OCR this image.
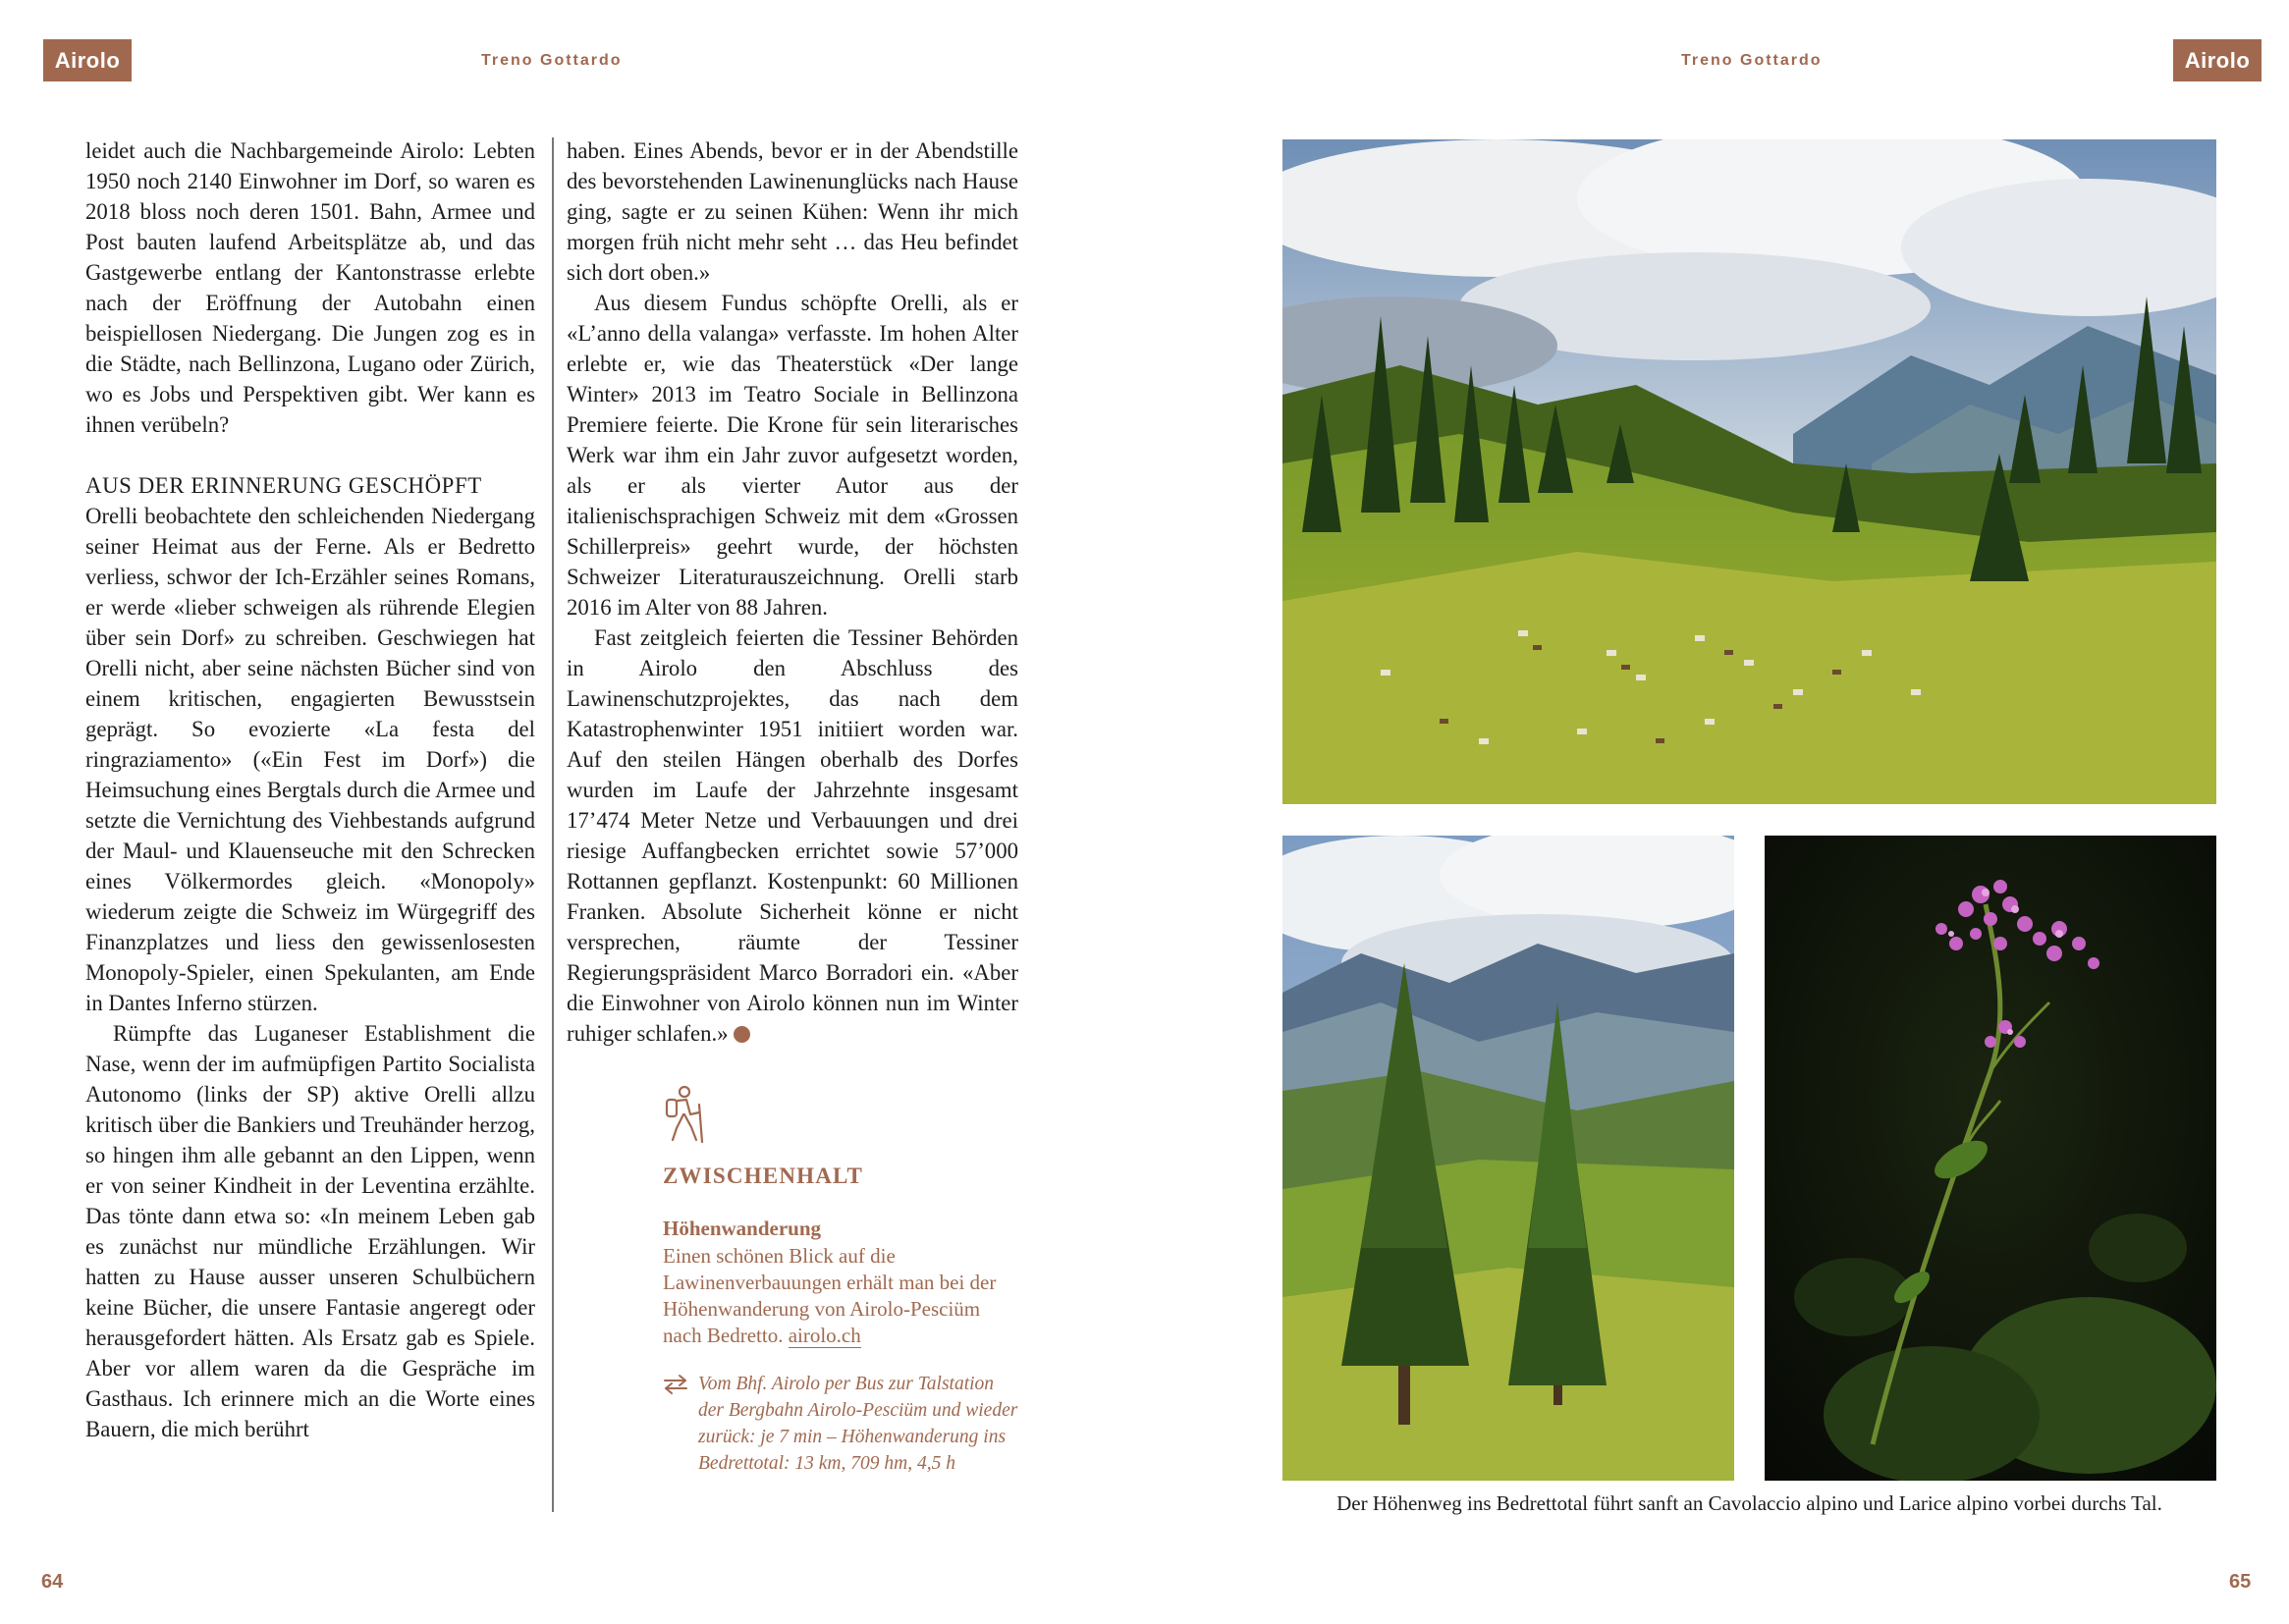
Airolo	Treno Gottardo	Treno Gottardo	Airolo

leidet auch die Nachbargemeinde Airolo: Lebten 1950 noch 2140 Einwohner im Dorf, so waren es 2018 bloss noch deren 1501. Bahn, Armee und Post bauten laufend Arbeitsplätze ab, und das Gastgewerbe entlang der Kantonstrasse erlebte nach der Eröffnung der Autobahn einen beispiellosen Niedergang. Die Jungen zog es in die Städte, nach Bellinzona, Lugano oder Zürich, wo es Jobs und Perspektiven gibt. Wer kann es ihnen verübeln?

AUS DER ERINNERUNG GESCHÖPFT

Orelli beobachtete den schleichenden Niedergang seiner Heimat aus der Ferne. Als er Bedretto verliess, schwor der Ich-Erzähler seines Romans, er werde «lieber schweigen als rührende Elegien über sein Dorf» zu schreiben. Geschwiegen hat Orelli nicht, aber seine nächsten Bücher sind von einem kritischen, engagierten Bewusstsein geprägt. So evozierte «La festa del ringraziamento» («Ein Fest im Dorf») die Heimsuchung eines Bergtals durch die Armee und setzte die Vernichtung des Viehbestands aufgrund der Maul- und Klauenseuche mit den Schrecken eines Völkermordes gleich. «Monopoly» wiederum zeigte die Schweiz im Würgegriff des Finanzplatzes und liess den gewissenlosesten Monopoly-Spieler, einen Spekulanten, am Ende in Dantes Inferno stürzen.

Rümpfte das Luganeser Establishment die Nase, wenn der im aufmüpfigen Partito Socialista Autonomo (links der SP) aktive Orelli allzu kritisch über die Bankiers und Treuhänder herzog, so hingen ihm alle gebannt an den Lippen, wenn er von seiner Kindheit in der Leventina erzählte. Das tönte dann etwa so: «In meinem Leben gab es zunächst nur mündliche Erzählungen. Wir hatten zu Hause ausser unseren Schulbüchern keine Bücher, die unsere Fantasie angeregt oder herausgefordert hätten. Als Ersatz gab es Spiele. Aber vor allem waren da die Gespräche im Gasthaus. Ich erinnere mich an die Worte eines Bauern, die mich berührt

haben. Eines Abends, bevor er in der Abendstille des bevorstehenden Lawinenunglücks nach Hause ging, sagte er zu seinen Kühen: Wenn ihr mich morgen früh nicht mehr seht … das Heu befindet sich dort oben.»

Aus diesem Fundus schöpfte Orelli, als er «L’anno della valanga» verfasste. Im hohen Alter erlebte er, wie das Theaterstück «Der lange Winter» 2013 im Teatro Sociale in Bellinzona Premiere feierte. Die Krone für sein literarisches Werk war ihm ein Jahr zuvor aufgesetzt worden, als er als vierter Autor aus der italienischsprachigen Schweiz mit dem «Grossen Schillerpreis» geehrt wurde, der höchsten Schweizer Literaturauszeichnung. Orelli starb 2016 im Alter von 88 Jahren.

Fast zeitgleich feierten die Tessiner Behörden in Airolo den Abschluss des Lawinenschutzprojektes, das nach dem Katastrophenwinter 1951 initiiert worden war. Auf den steilen Hängen oberhalb des Dorfes wurden im Laufe der Jahrzehnte insgesamt 17’474 Meter Netze und Verbauungen und drei riesige Auffangbecken errichtet sowie 57’000 Rottannen gepflanzt. Kostenpunkt: 60 Millionen Franken. Absolute Sicherheit könne er nicht versprechen, räumte der Tessiner Regierungspräsident Marco Borradori ein. «Aber die Einwohner von Airolo können nun im Winter ruhiger schlafen.»

ZWISCHENHALT
Höhenwanderung
Einen schönen Blick auf die Lawinenverbauungen erhält man bei der Höhenwanderung von Airolo-Pesciüm nach Bedretto. airolo.ch
Vom Bhf. Airolo per Bus zur Talstation der Bergbahn Airolo-Pesciüm und wieder zurück: je 7 min – Höhenwanderung ins Bedrettotal: 13 km, 709 hm, 4,5 h
Der Höhenweg ins Bedrettotal führt sanft an Cavolaccio alpino und Larice alpino vorbei durchs Tal.
64	65
